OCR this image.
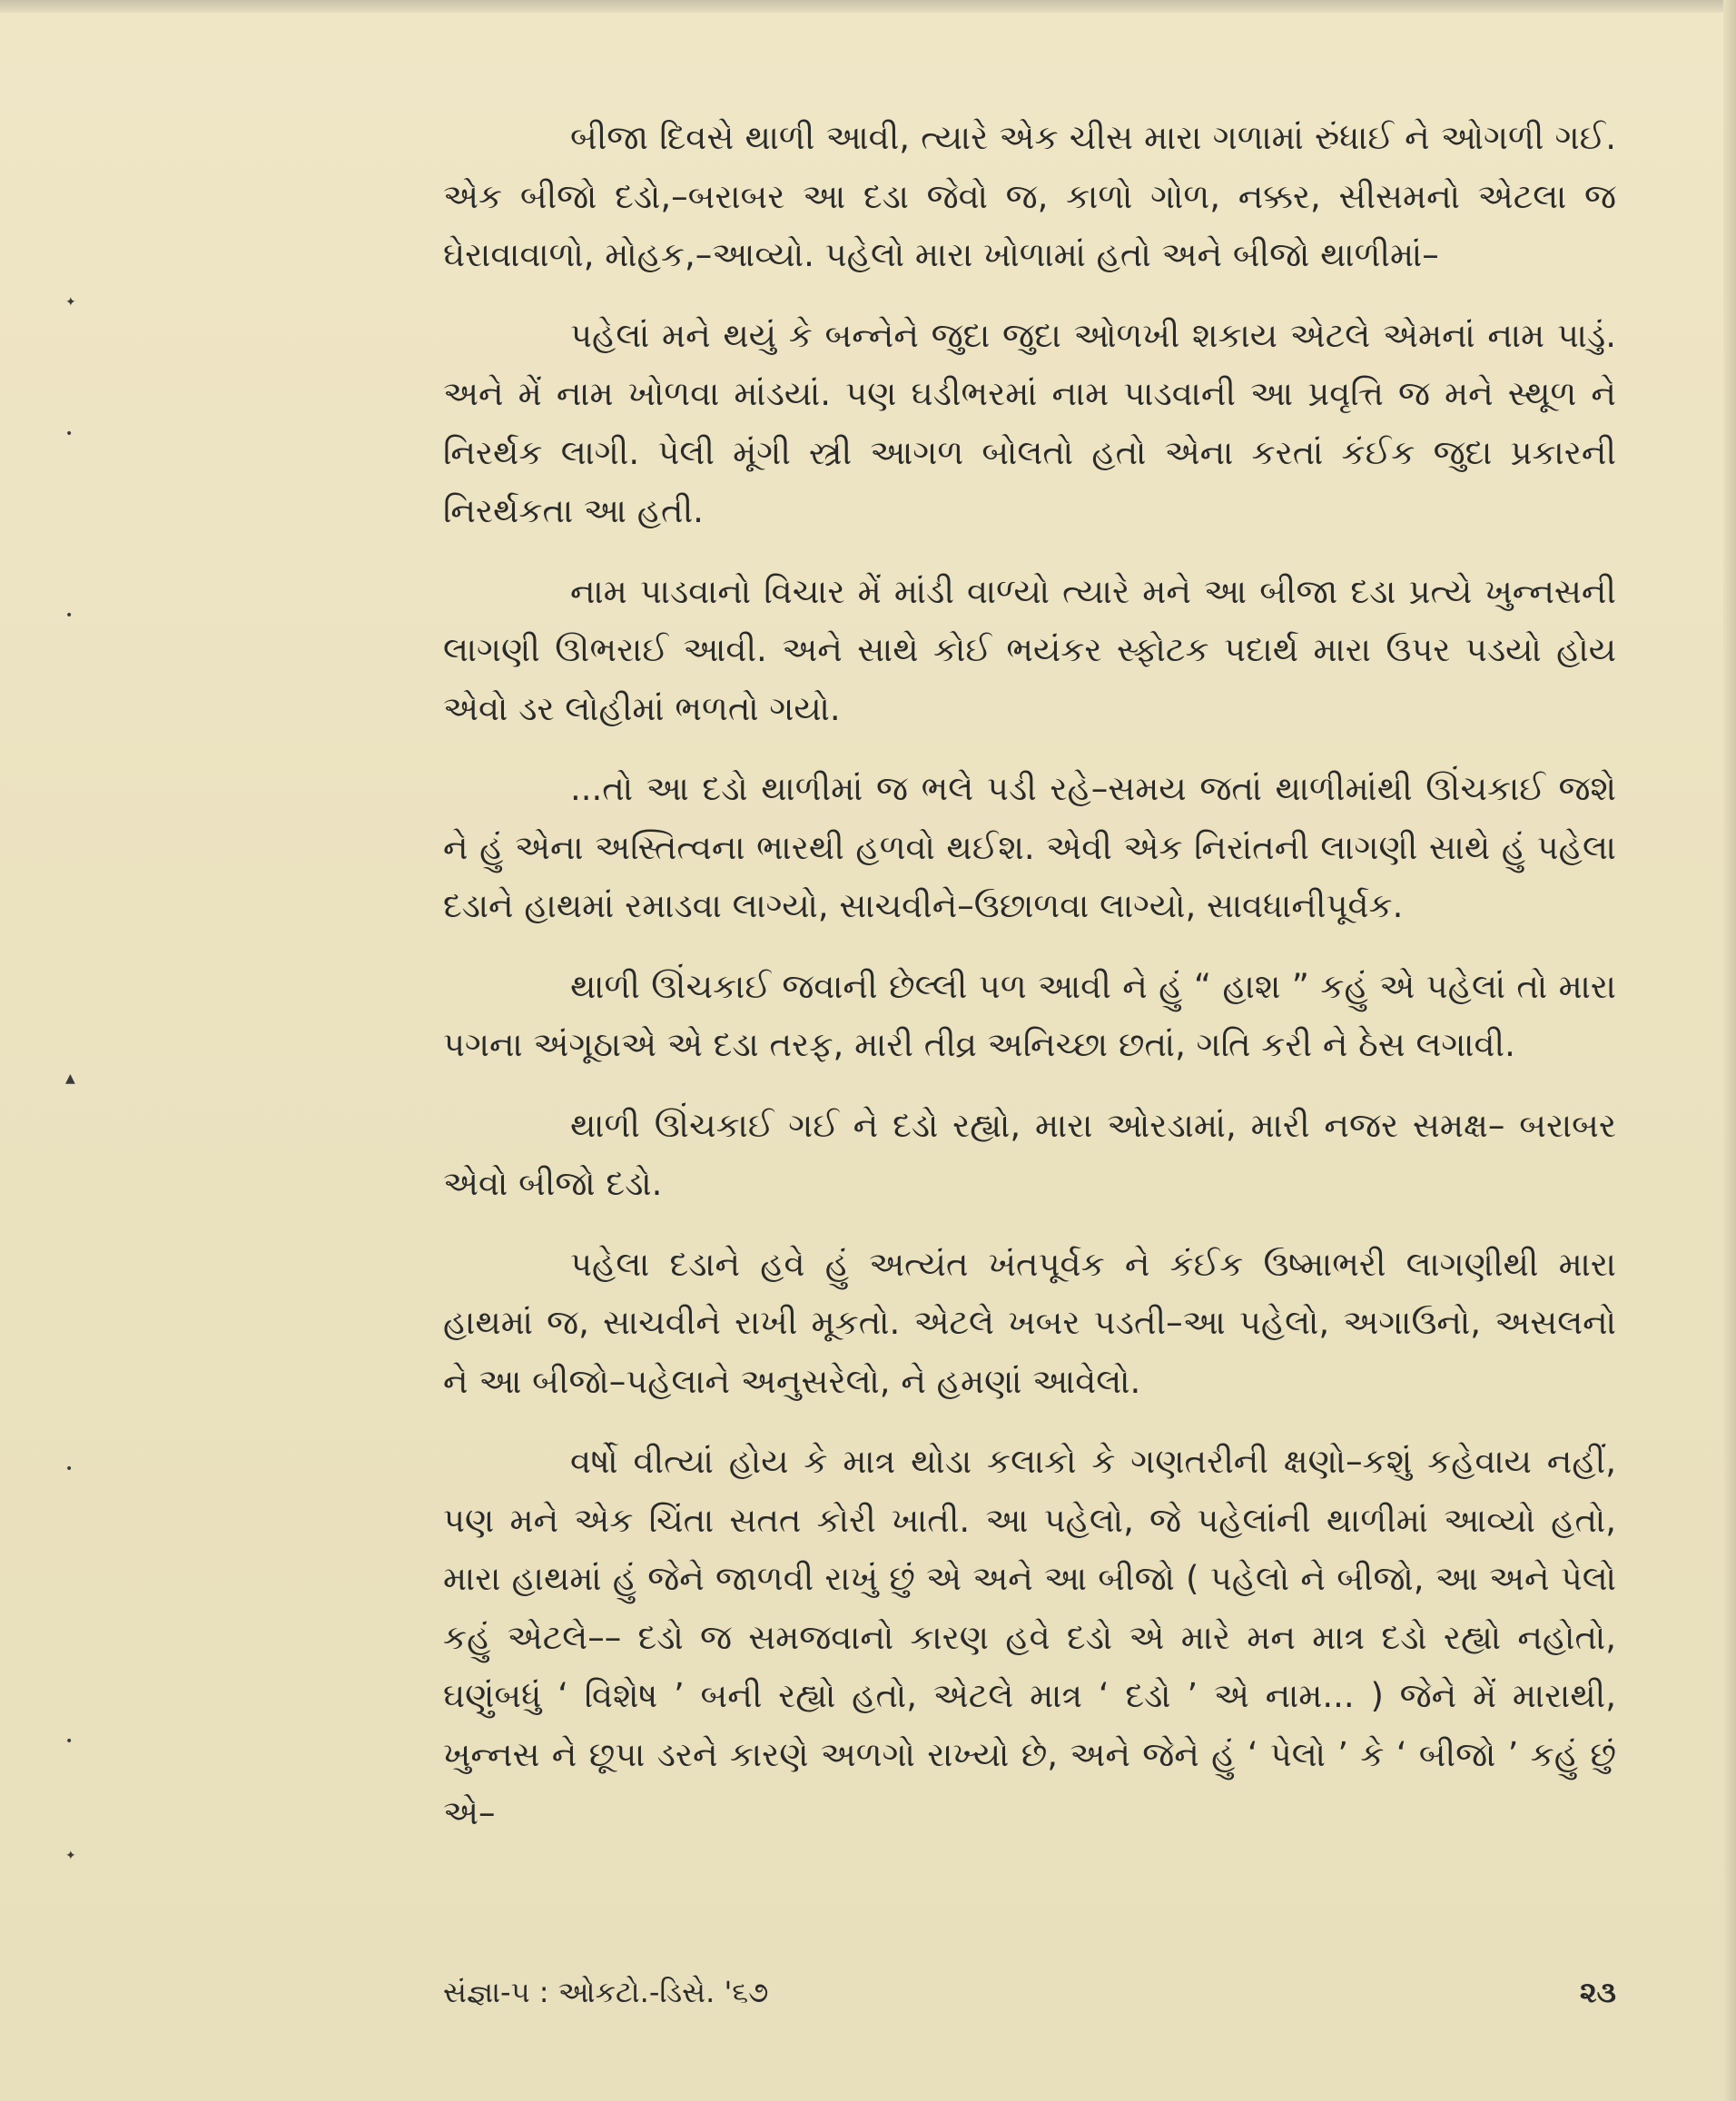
✦
•
•
▲
•
•
✦

બીજા દિવસે થાળી આવી, ત્યારે એક ચીસ મારા ગળામાં રુંધાઈ ને ઓગળી ગઈ. એક બીજો દડો,–બરાબર આ દડા જેવો જ, કાળો ગોળ, નક્કર, સીસમનો એટલા જ ઘેરાવાવાળો, મોહક,–આવ્યો. પહેલો મારા ખોળામાં હતો અને બીજો થાળીમાં–

પહેલાં મને થયું કે બન્નેને જુદા જુદા ઓળખી શકાય એટલે એમનાં નામ પાડું. અને મેં નામ ખોળવા માંડયાં. પણ ઘડીભરમાં નામ પાડવાની આ પ્રવૃત્તિ જ મને સ્થૂળ ને નિરર્થક લાગી. પેલી મૂંગી સ્ત્રી આગળ બોલતો હતો એના કરતાં કંઈક જુદા પ્રકારની નિરર્થકતા આ હતી.

નામ પાડવાનો વિચાર મેં માંડી વાળ્યો ત્યારે મને આ બીજા દડા પ્રત્યે ખુન્નસની લાગણી ઊભરાઈ આવી. અને સાથે કોઈ ભયંકર સ્ફોટક પદાર્થ મારા ઉપર પડયો હોય એવો ડર લોહીમાં ભળતો ગયો.

...તો આ દડો થાળીમાં જ ભલે પડી રહે–સમય જતાં થાળીમાંથી ઊંચકાઈ જશે ને હું એના અસ્તિત્વના ભારથી હળવો થઈશ. એવી એક નિરાંતની લાગણી સાથે હું પહેલા દડાને હાથમાં રમાડવા લાગ્યો, સાચવીને–ઉછાળવા લાગ્યો, સાવધાનીપૂર્વક.

થાળી ઊંચકાઈ જવાની છેલ્લી પળ આવી ને હું “ હાશ ” કહું એ પહેલાં તો મારા પગના અંગૂઠાએ એ દડા તરફ, મારી તીવ્ર અનિચ્છા છતાં, ગતિ કરી ને ઠેસ લગાવી.

થાળી ઊંચકાઈ ગઈ ને દડો રહ્યો, મારા ઓરડામાં, મારી નજર સમક્ષ– બરાબર એવો બીજો દડો.

પહેલા દડાને હવે હું અત્યંત ખંતપૂર્વક ને કંઈક ઉષ્માભરી લાગણીથી મારા હાથમાં જ, સાચવીને રાખી મૂકતો. એટલે ખબર પડતી–આ પહેલો, અગાઉનો, અસલનો ને આ બીજો–પહેલાને અનુસરેલો, ને હમણાં આવેલો.

વર્ષો વીત્યાં હોય કે માત્ર થોડા કલાકો કે ગણતરીની ક્ષણો–કશું કહેવાય નહીં, પણ મને એક ચિંતા સતત કોરી ખાતી. આ પહેલો, જે પહેલાંની થાળીમાં આવ્યો હતો, મારા હાથમાં હું જેને જાળવી રાખું છું એ અને આ બીજો ( પહેલો ને બીજો, આ અને પેલો કહું એટલે–– દડો જ સમજવાનો કારણ હવે દડો એ મારે મન માત્ર દડો રહ્યો નહોતો, ઘણુંબધું ‘ વિશેષ ’ બની રહ્યો હતો, એટલે માત્ર ‘ દડો ’ એ નામ... ) જેને મેં મારાથી, ખુન્નસ ને છૂપા ડરને કારણે અળગો રાખ્યો છે, અને જેને હું ‘ પેલો ’ કે ‘ બીજો ’ કહું છું એ–

સંજ્ઞા-૫ : ઓકટો.-ડિસે. '૬૭	૨૩
